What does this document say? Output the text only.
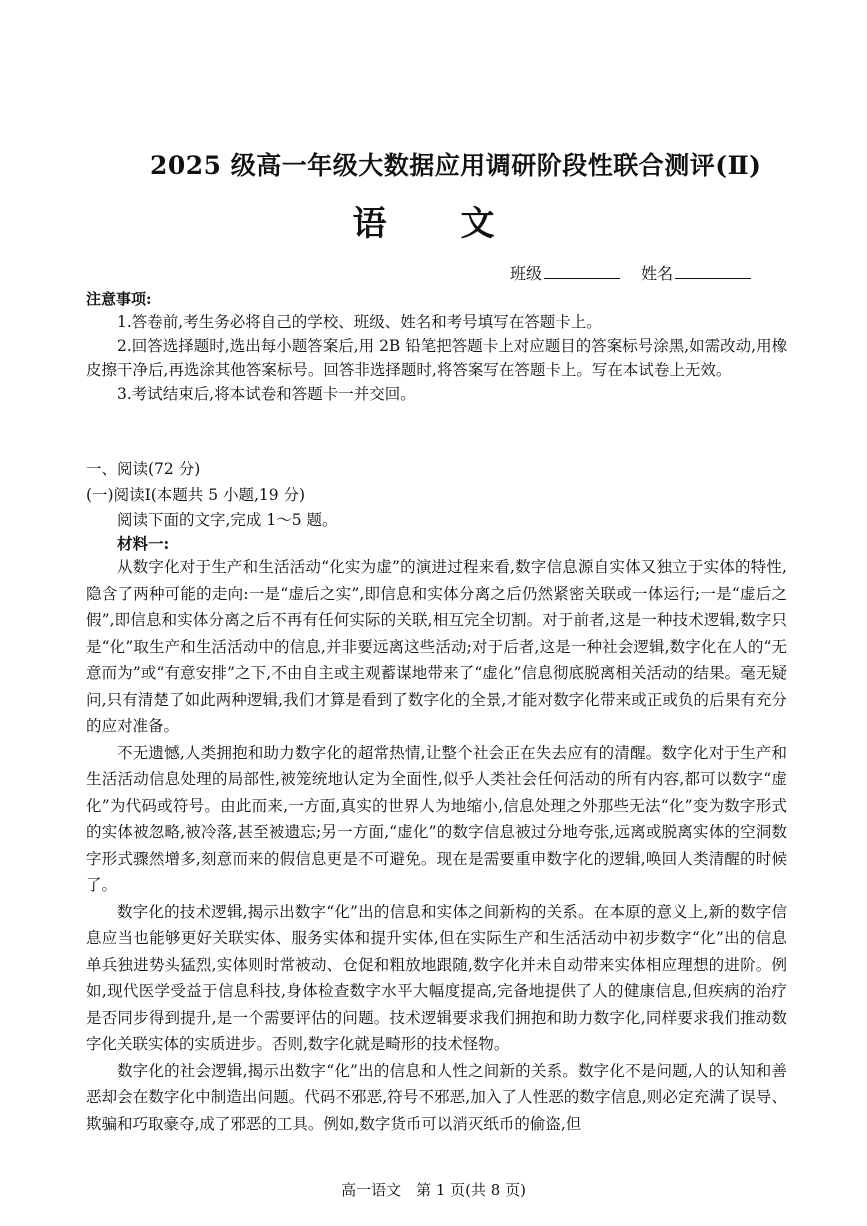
2025 级高一年级大数据应用调研阶段性联合测评(Ⅱ)
语　文
班级	姓名
注意事项:

1.答卷前,考生务必将自己的学校、班级、姓名和考号填写在答题卡上。

2.回答选择题时,选出每小题答案后,用 2B 铅笔把答题卡上对应题目的答案标号涂黑,如需改动,用橡皮擦干净后,再选涂其他答案标号。回答非选择题时,将答案写在答题卡上。写在本试卷上无效。

3.考试结束后,将本试卷和答题卡一并交回。

一、阅读(72 分)
(一)阅读Ⅰ(本题共 5 小题,19 分)
阅读下面的文字,完成 1～5 题。
材料一:

从数字化对于生产和生活活动“化实为虚”的演进过程来看,数字信息源自实体又独立于实体的特性,隐含了两种可能的走向:一是“虚后之实”,即信息和实体分离之后仍然紧密关联或一体运行;一是“虚后之假”,即信息和实体分离之后不再有任何实际的关联,相互完全切割。对于前者,这是一种技术逻辑,数字只是“化”取生产和生活活动中的信息,并非要远离这些活动;对于后者,这是一种社会逻辑,数字化在人的“无意而为”或“有意安排”之下,不由自主或主观蓄谋地带来了“虚化”信息彻底脱离相关活动的结果。毫无疑问,只有清楚了如此两种逻辑,我们才算是看到了数字化的全景,才能对数字化带来或正或负的后果有充分的应对准备。

不无遗憾,人类拥抱和助力数字化的超常热情,让整个社会正在失去应有的清醒。数字化对于生产和生活活动信息处理的局部性,被笼统地认定为全面性,似乎人类社会任何活动的所有内容,都可以数字“虚化”为代码或符号。由此而来,一方面,真实的世界人为地缩小,信息处理之外那些无法“化”变为数字形式的实体被忽略,被冷落,甚至被遗忘;另一方面,“虚化”的数字信息被过分地夸张,远离或脱离实体的空洞数字形式骤然增多,刻意而来的假信息更是不可避免。现在是需要重申数字化的逻辑,唤回人类清醒的时候了。

数字化的技术逻辑,揭示出数字“化”出的信息和实体之间新构的关系。在本原的意义上,新的数字信息应当也能够更好关联实体、服务实体和提升实体,但在实际生产和生活活动中初步数字“化”出的信息单兵独进势头猛烈,实体则时常被动、仓促和粗放地跟随,数字化并未自动带来实体相应理想的进阶。例如,现代医学受益于信息科技,身体检查数字水平大幅度提高,完备地提供了人的健康信息,但疾病的治疗是否同步得到提升,是一个需要评估的问题。技术逻辑要求我们拥抱和助力数字化,同样要求我们推动数字化关联实体的实质进步。否则,数字化就是畸形的技术怪物。

数字化的社会逻辑,揭示出数字“化”出的信息和人性之间新的关系。数字化不是问题,人的认知和善恶却会在数字化中制造出问题。代码不邪恶,符号不邪恶,加入了人性恶的数字信息,则必定充满了误导、欺骗和巧取豪夺,成了邪恶的工具。例如,数字货币可以消灭纸币的偷盗,但

高一语文　第 1 页(共 8 页)
